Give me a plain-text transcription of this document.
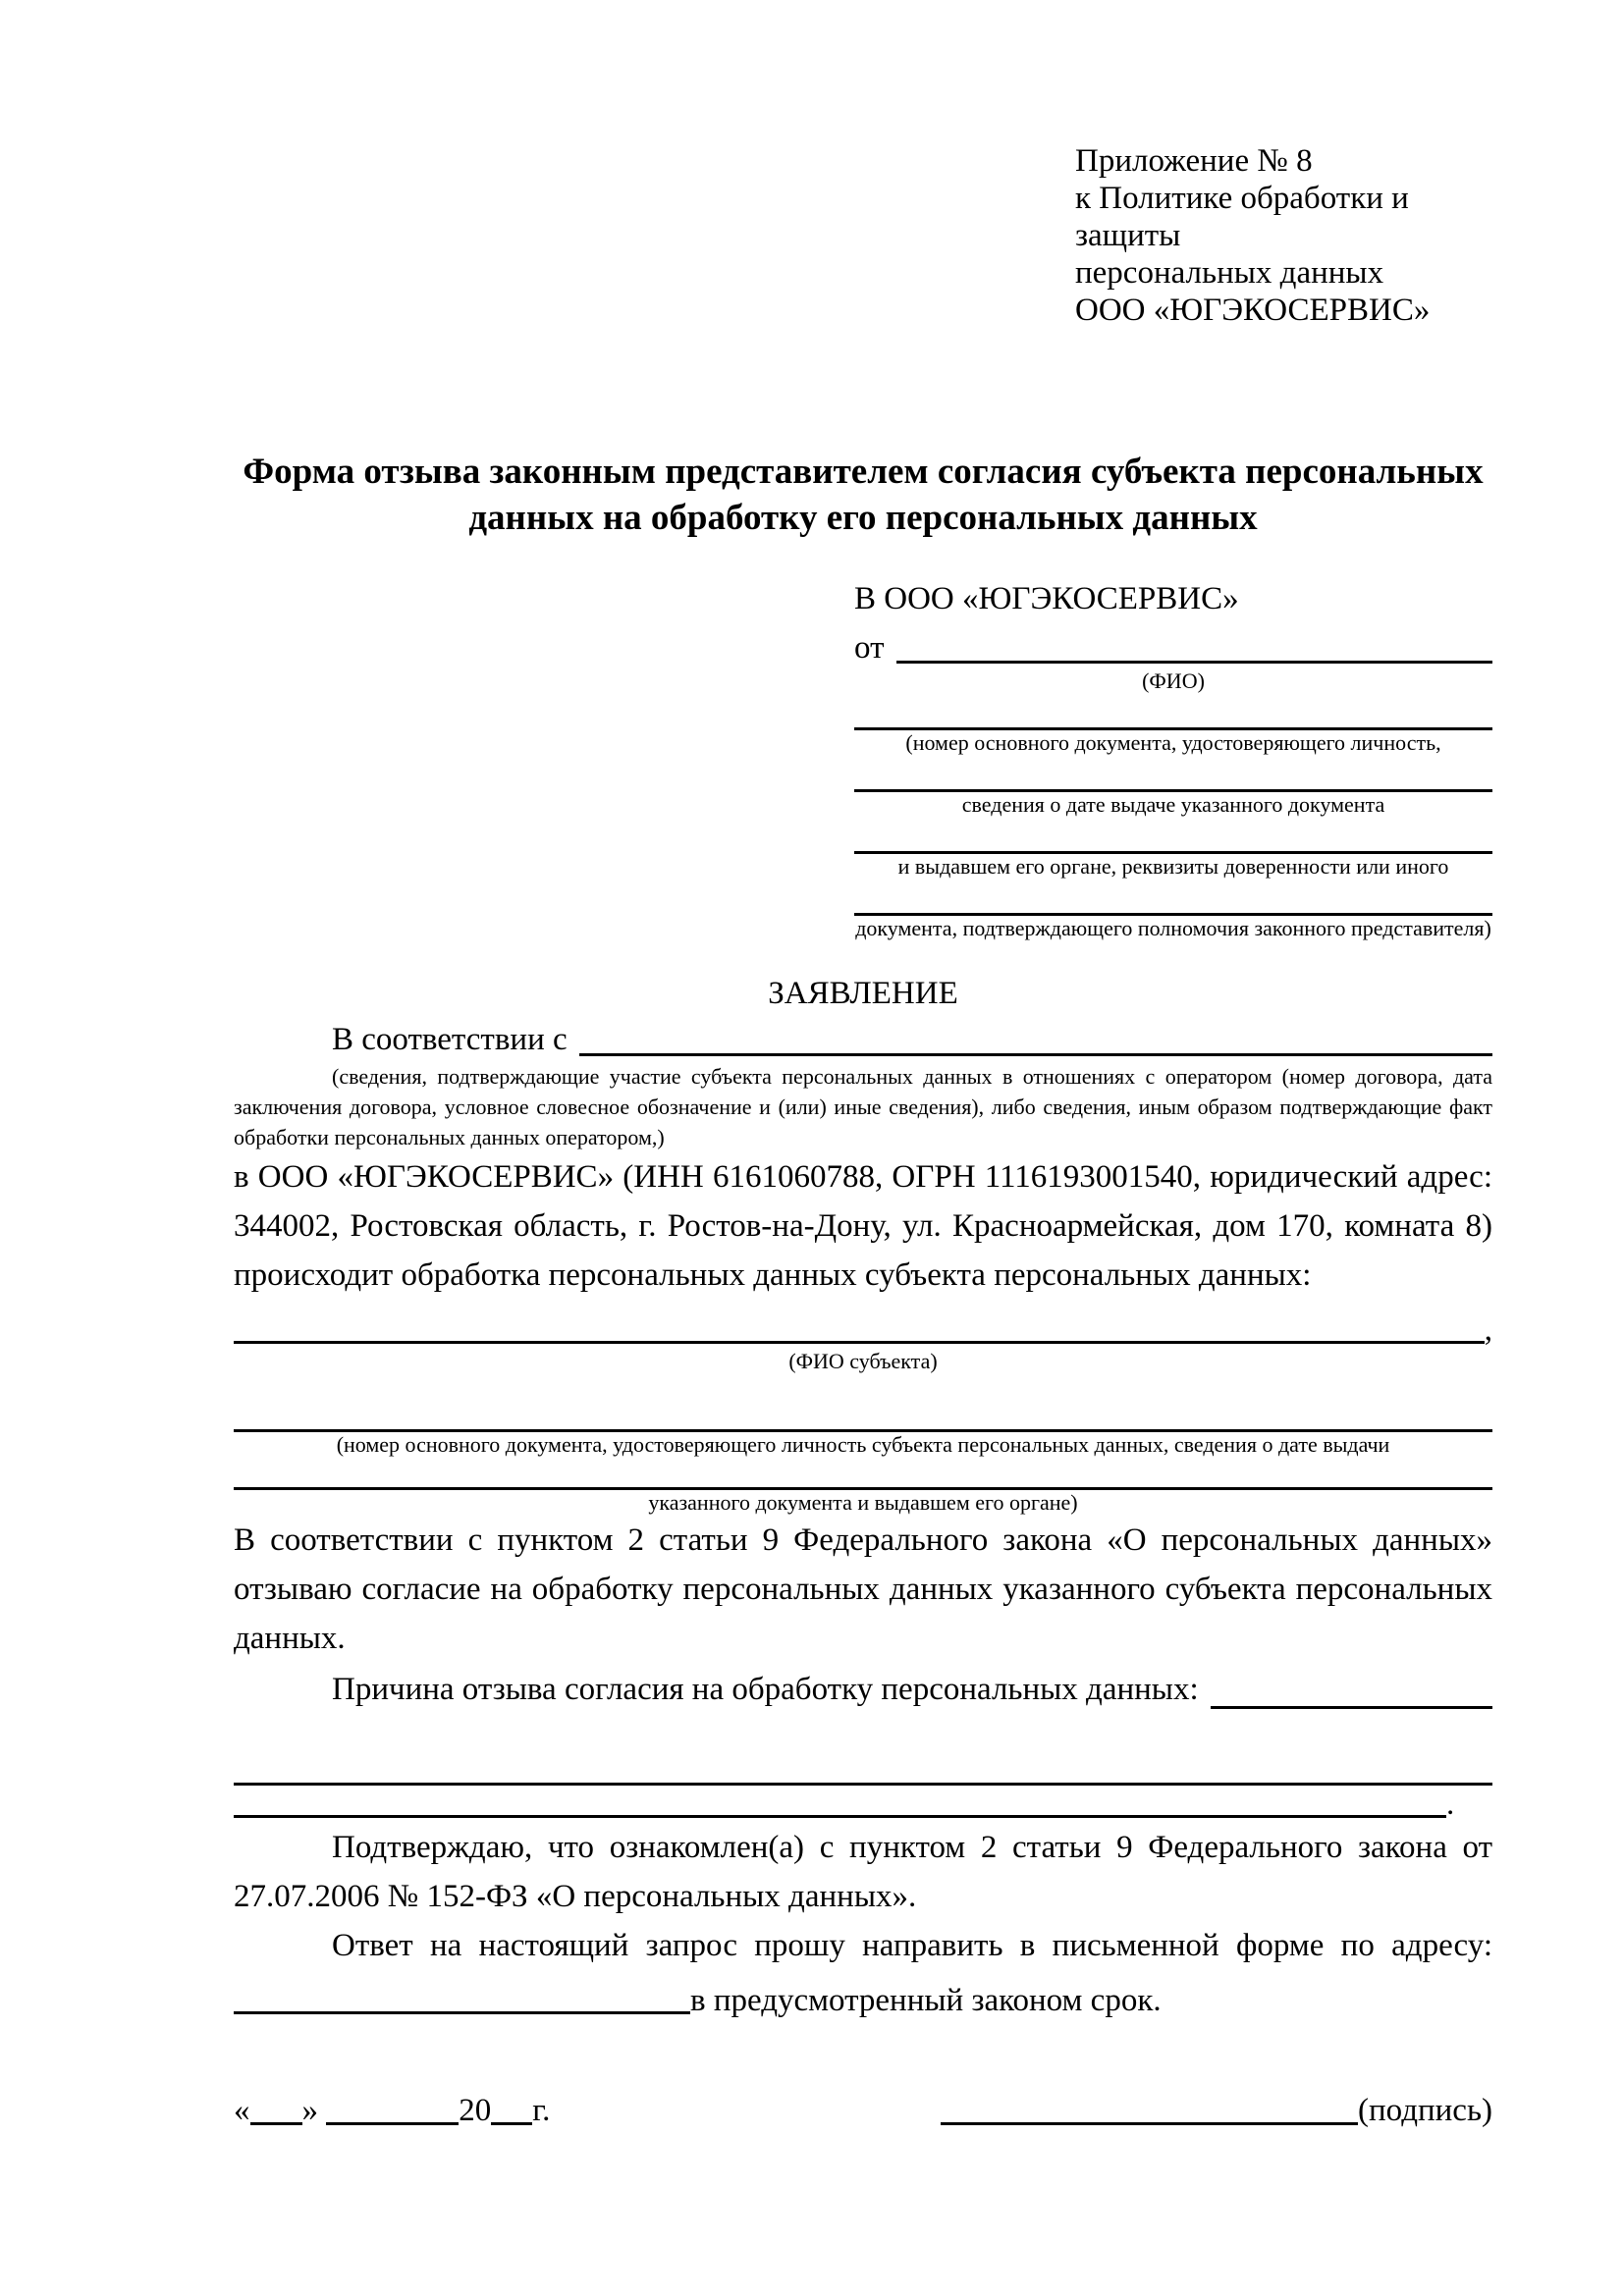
Приложение № 8
к Политике обработки и защиты
персональных данных
ООО «ЮГЭКОСЕРВИС»
Форма отзыва законным представителем согласия субъекта персональных данных на обработку его персональных данных
В ООО «ЮГЭКОСЕРВИС»
от
(ФИО)
(номер основного документа, удостоверяющего личность,
сведения о дате выдаче указанного документа
и выдавшем его органе, реквизиты доверенности или иного
документа, подтверждающего полномочия законного представителя)
ЗАЯВЛЕНИЕ
В соответствии с
(сведения, подтверждающие участие субъекта персональных данных в отношениях с оператором (номер договора, дата заключения договора, условное словесное обозначение и (или) иные сведения), либо сведения, иным образом подтверждающие факт обработки персональных данных оператором,)

в ООО «ЮГЭКОСЕРВИС» (ИНН 6161060788, ОГРН 1116193001540, юридический адрес: 344002, Ростовская область, г. Ростов-на-Дону, ул. Красноармейская, дом 170, комната 8) происходит обработка персональных данных субъекта персональных данных:

,
(ФИО субъекта)
(номер основного документа, удостоверяющего личность субъекта персональных данных, сведения о дате выдачи
указанного документа и выдавшем его органе)

В соответствии с пунктом 2 статьи 9 Федерального закона «О персональных данных» отзываю согласие на обработку персональных данных указанного субъекта персональных данных.

Причина отзыва согласия на обработку персональных данных:
.

Подтверждаю, что ознакомлен(а) с пунктом 2 статьи 9 Федерального закона от 27.07.2006 № 152-ФЗ «О персональных данных».

Ответ на настоящий запрос прошу направить в письменной форме по адресу:
в предусмотренный законом срок.
« »	20 г.	(подпись)
